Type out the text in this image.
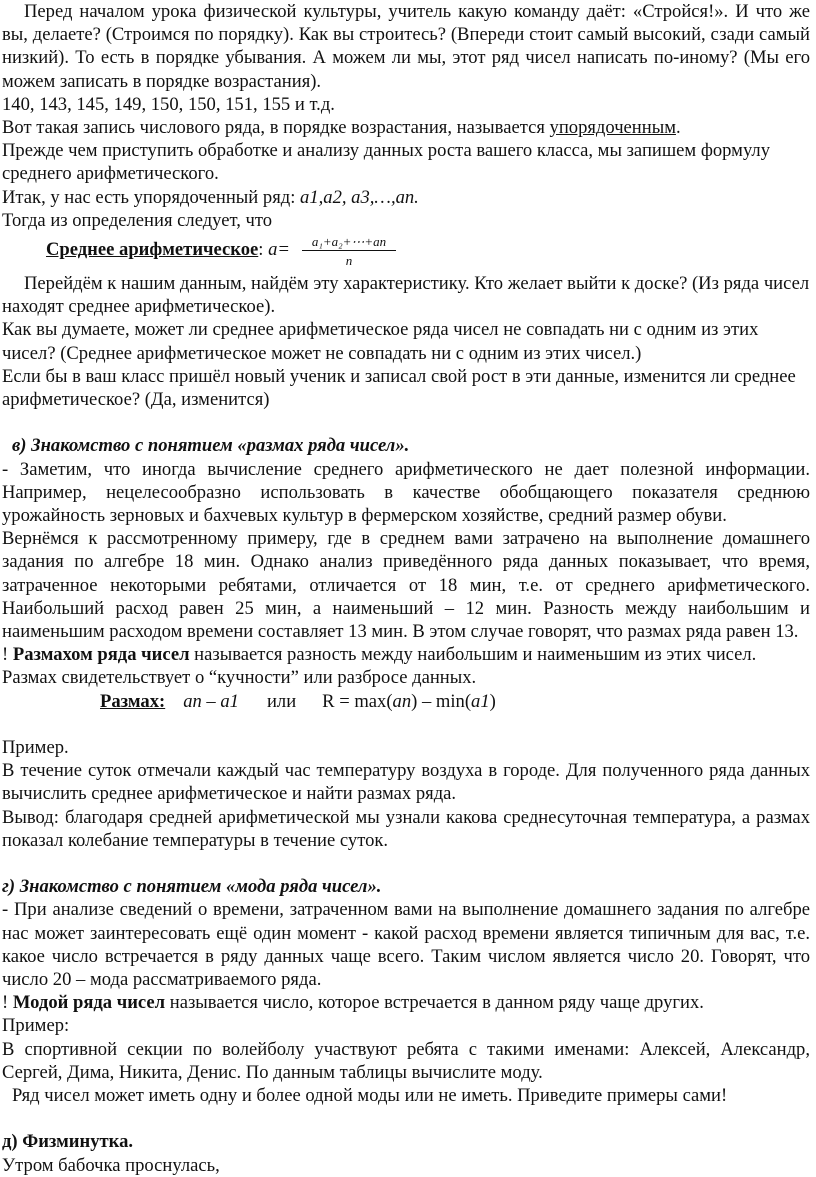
Перед началом урока физической культуры, учитель какую команду даёт: «Стройся!». И что же вы, делаете? (Строимся по порядку). Как вы строитесь? (Впереди стоит самый высокий, сзади самый низкий). То есть в порядке убывания. А можем ли мы, этот ряд чисел написать по-иному? (Мы его можем записать в порядке возрастания).

140, 143, 145, 149, 150, 150, 151, 155 и т.д.

Вот такая запись числового ряда, в порядке возрастания, называется упорядоченным.

Прежде чем приступить обработке и анализу данных роста вашего класса, мы запишем формулу среднего арифметического.

Итак, у нас есть упорядоченный ряд: a1,a2, a3,…,an.

Тогда из определения следует, что

Среднее арифметическое: $a= \frac{\text{a₁+a₂+⋯+an}}{n}$

Перейдём к нашим данным, найдём эту характеристику. Кто желает выйти к доске? (Из ряда чисел находят среднее арифметическое).

Как вы думаете, может ли среднее арифметическое ряда чисел не совпадать ни с одним из этих чисел? (Среднее арифметическое может не совпадать ни с одним из этих чисел.)

Если бы в ваш класс пришёл новый ученик и записал свой рост в эти данные, изменится ли среднее арифметическое? (Да, изменится)

в) Знакомство с понятием «размах ряда чисел».

- Заметим, что иногда вычисление среднего арифметического не дает полезной информации. Например, нецелесообразно использовать в качестве обобщающего показателя среднюю урожайность зерновых и бахчевых культур в фермерском хозяйстве, средний размер обуви.

Вернёмся к рассмотренному примеру, где в среднем вами затрачено на выполнение домашнего задания по алгебре 18 мин. Однако анализ приведённого ряда данных показывает, что время, затраченное некоторыми ребятами, отличается от 18 мин, т.е. от среднего арифметического. Наибольший расход равен 25 мин, а наименьший – 12 мин. Разность между наибольшим и наименьшим расходом времени составляет 13 мин. В этом случае говорят, что размах ряда равен 13.

! Размахом ряда чисел называется разность между наибольшим и наименьшим из этих чисел.

Размах свидетельствует о “кучности” или разбросе данных.

Размах: an – a1 или R = max(an) – min(a1)

Пример.

В течение суток отмечали каждый час температуру воздуха в городе. Для полученного ряда данных вычислить среднее арифметическое и найти размах ряда.

Вывод: благодаря средней арифметической мы узнали какова среднесуточная температура, а размах показал колебание температуры в течение суток.

г) Знакомство с понятием «мода ряда чисел».

- При анализе сведений о времени, затраченном вами на выполнение домашнего задания по алгебре нас может заинтересовать ещё один момент - какой расход времени является типичным для вас, т.е. какое число встречается в ряду данных чаще всего. Таким числом является число 20. Говорят, что число 20 – мода рассматриваемого ряда.

! Модой ряда чисел называется число, которое встречается в данном ряду чаще других.

Пример:

В спортивной секции по волейболу участвуют ребята с такими именами: Алексей, Александр, Сергей, Дима, Никита, Денис. По данным таблицы вычислите моду.

Ряд чисел может иметь одну и более одной моды или не иметь. Приведите примеры сами!

д) Физминутка.

Утром бабочка проснулась,
